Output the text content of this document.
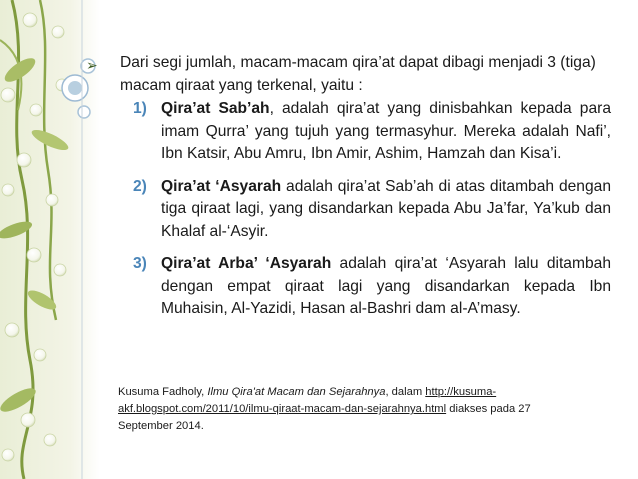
➢ Dari segi jumlah, macam-macam qira’at dapat dibagi menjadi 3 (tiga) macam qiraat yang terkenal, yaitu :
1) Qira’at Sab’ah, adalah qira’at yang dinisbahkan kepada para imam Qurra’ yang tujuh yang termasyhur. Mereka adalah Nafi’, Ibn Katsir, Abu Amru, Ibn Amir, Ashim, Hamzah dan Kisa’i.
2) Qira’at ‘Asyarah adalah qira’at Sab’ah di atas ditambah dengan tiga qiraat lagi, yang disandarkan kepada Abu Ja’far, Ya’kub dan Khalaf al-‘Asyir.
3) Qira’at Arba’ ‘Asyarah adalah qira’at ‘Asyarah lalu ditambah dengan empat qiraat lagi yang disandarkan kepada Ibn Muhaisin, Al-Yazidi, Hasan al-Bashri dam al-A’masy.
Kusuma Fadholy, Ilmu Qira'at Macam dan Sejarahnya, dalam http://kusuma-akf.blogspot.com/2011/10/ilmu-qiraat-macam-dan-sejarahnya.html diakses pada 27 September 2014.
